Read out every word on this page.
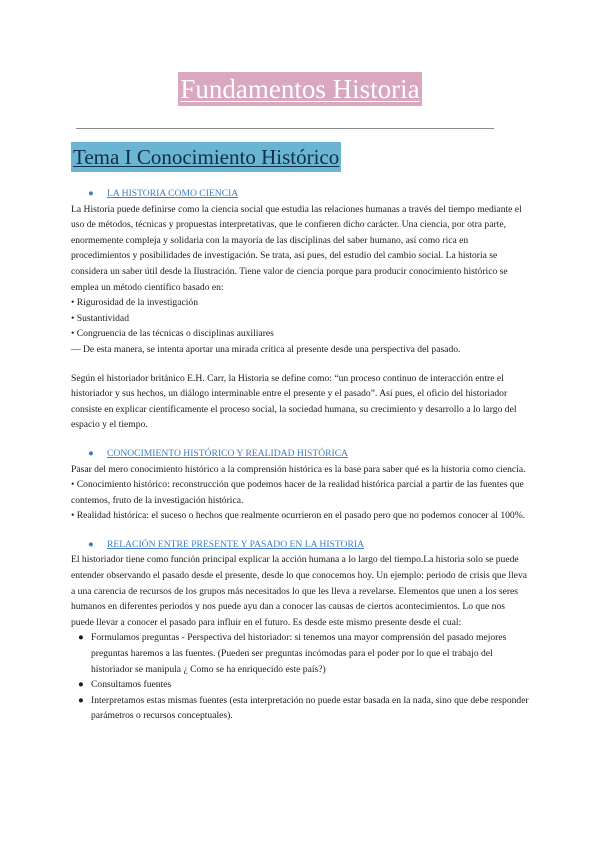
Fundamentos Historia
Tema I Conocimiento Histórico
● LA HISTORIA COMO CIENCIA

La Historia puede definirse como la ciencia social que estudia las relaciones humanas a través del tiempo mediante el uso de métodos, técnicas y propuestas interpretativas, que le confieren dicho carácter. Una ciencia, por otra parte, enormemente compleja y solidaria con la mayoría de las disciplinas del saber humano, así como rica en procedimientos y posibilidades de investigación. Se trata, así pues, del estudio del cambio social. La historia se considera un saber útil desde la Ilustración. Tiene valor de ciencia porque para producir conocimiento histórico se emplea un método científico basado en:

• Rigurosidad de la investigación

• Sustantividad

• Congruencia de las técnicas o disciplinas auxiliares

— De esta manera, se intenta aportar una mirada crítica al presente desde una perspectiva del pasado.

Según el historiador británico E.H. Carr, la Historia se define como: “un proceso continuo de interacción entre el historiador y sus hechos, un diálogo interminable entre el presente y el pasado”. Así pues, el oficio del historiador consiste en explicar científicamente el proceso social, la sociedad humana, su crecimiento y desarrollo a lo largo del espacio y el tiempo.

● CONOCIMIENTO HISTÓRICO Y REALIDAD HISTÓRICA

Pasar del mero conocimiento histórico a la comprensión histórica es la base para saber qué es la historia como ciencia.

• Conocimiento histórico: reconstrucción que podemos hacer de la realidad histórica parcial a partir de las fuentes que contemos, fruto de la investigación histórica.

• Realidad histórica: el suceso o hechos que realmente ocurrieron en el pasado pero que no podemos conocer al 100%.

● RELACIÓN ENTRE PRESENTE Y PASADO EN LA HISTORIA

El historiador tiene como función principal explicar la acción humana a lo largo del tiempo.La historia solo se puede entender observando el pasado desde el presente, desde lo que conocemos hoy. Un ejemplo: periodo de crisis que lleva a una carencia de recursos de los grupos más necesitados lo que les lleva a revelarse. Elementos que unen a los seres humanos en diferentes periodos y nos puede ayu dan a conocer las causas de ciertos acontecimientos. Lo que nos puede llevar a conocer el pasado para influir en el futuro. Es desde este mismo presente desde el cual:

● Formulamos preguntas - Perspectiva del historiador: si tenemos una mayor comprensión del pasado mejores preguntas haremos a las fuentes. (Pueden ser preguntas incómodas para el poder por lo que el trabajo del historiador se manipula ¿ Como se ha enriquecido este país?)
● Consultamos fuentes
● Interpretamos estas mismas fuentes (esta interpretación no puede estar basada en la nada, sino que debe responder parámetros o recursos conceptuales).
